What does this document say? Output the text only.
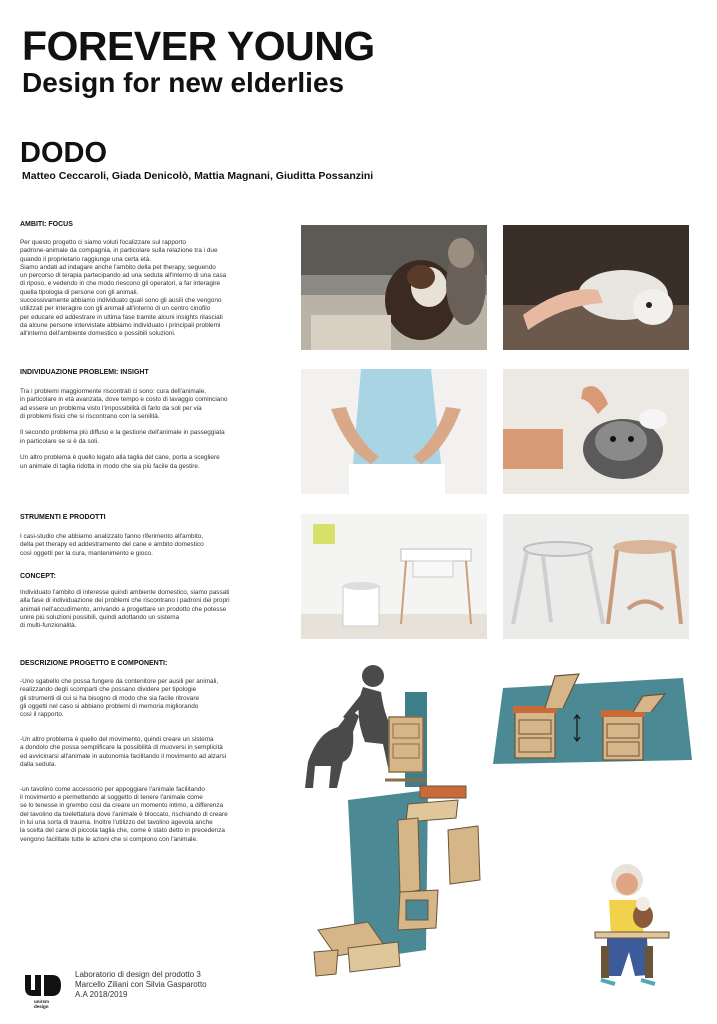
FOREVER YOUNG
Design for new elderlies
DODO
Matteo Ceccaroli, Giada Denicolò, Mattia Magnani, Giuditta Possanzini
AMBITI: FOCUS
Per questo progetto ci siamo voluti focalizzare sul rapporto
padrone-animale da compagnia, in particolare sulla relazione tra i due
quando il proprietario raggiunge una certa età.
Siamo andati ad indagare anche l'ambito della pet therapy, seguendo
un percorso di terapia partecipando ad una seduta all'interno di una casa
di riposo, e vedendo in che modo riescono gli operatori, a far interagire
quella tipologia di persone con gli animali.
successivamente abbiamo individuato quali sono gli ausili che vengono
utilizzati per interagire con gli animali all'interno di un centro cinofilo
per educare ed addestrare in ultima fase tramite alcuni insights rilasciati
da alcune persone intervistate abbiamo individuato i principali problemi
all'interno dell'ambiente domestico e possibili soluzioni.
INDIVIDUAZIONE PROBLEMI: INSIGHT
Tra i problemi maggiormente riscontrati ci sono: cura dell'animale,
in particolare in età avanzata, dove tempo e costo di lavaggio cominciano
ad essere un problema visto l'impossibilità di farlo da soli per via
di problemi fisici che si riscontrano con la senilità.

Il secondo problema più diffuso e la gestione dell'animale in passeggiata
in particolare se si è da soli.

Un altro problema è quello legato alla taglia del cane, porta a scegliere
un animale di taglia ridotta in modo che sia più facile da gestire.
STRUMENTI E PRODOTTI
I casi-studio che abbiamo analizzato fanno riferimento all'ambito,
della pet therapy ed addestramento del cane e ambito domestico
così oggetti per la cura, mantenimento e gioco.
CONCEPT:
Individuato l'ambito di interesse quindi ambiente domestico, siamo passati
alla fase di individuazione dei problemi che riscontrano i padroni dei propri
animali nell'accudimento, arrivando a progettare un prodotto che potesse
unire più soluzioni possibili, quindi adottando un sistema
di multi-funzionalità.
DESCRIZIONE PROGETTO E COMPONENTI:
-Uno sgabello che possa fungere da contenitore per ausili per animali,
realizzando degli scomparti che possano dividere per tipologie
gli strumenti di cui si ha bisogno di modo che sia facile ritrovare
gli oggetti nel caso si abbiano problemi di memoria migliorando
così il rapporto.

-Un altro problema è quello del movimento, quindi creare un sistema
a dondolo che possa semplificare la possibilità di muoversi in semplicità
ed avvicinarsi all'animale in autonomia facilitando il movimento ad alzarsi
dalla seduta.

-un tavolino come accessorio per appoggiare l'animale facilitando
il movimento e permettendo al soggetto di tenere l'animale come
se lo tenesse in grembo così da creare un momento intimo, a differenza
del tavolino da toelettatura dove l'animale è bloccato, rischiando di creare
in lui una sorta di trauma. Inoltre l'utilizzo del tavolino agevola anche
la scelta del cane di piccola taglia che, come è stato detto in precedenza
vengono facilitate tutte le azioni che si compiono con l'animale.
unirsm
design
Laboratorio di design del prodotto 3
Marcello Ziliani con Silvia Gasparotto
A.A 2018/2019
